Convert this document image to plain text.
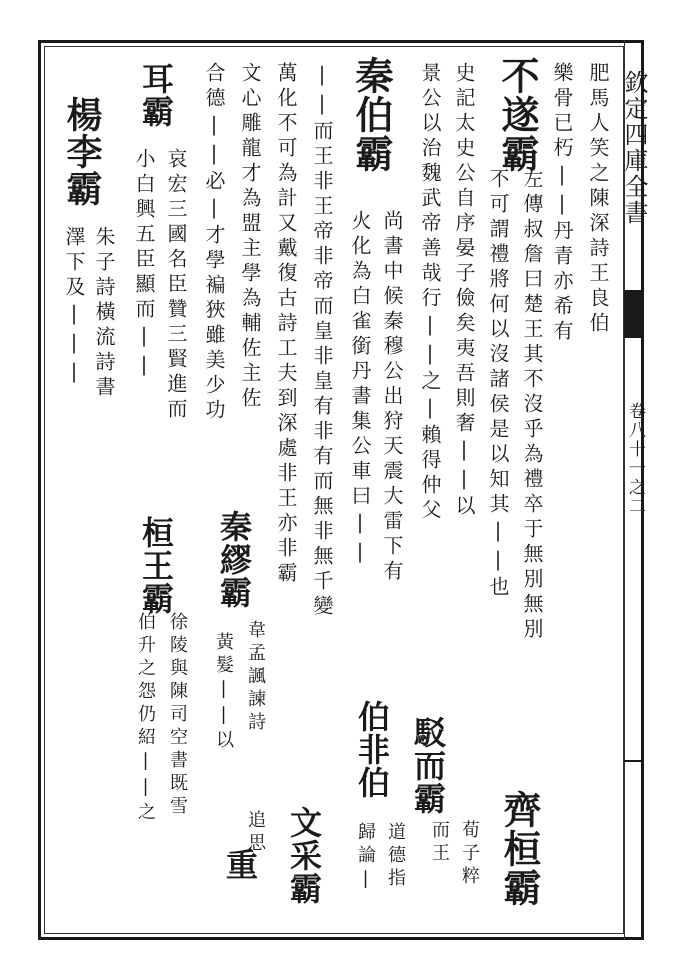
欽定四庫全書
卷八十一之二
肥馬人笑之陳深詩王良伯
樂骨已朽||丹青亦希有
不遂霸
左傳叔詹曰楚王其不沒乎為禮卒于無別無別
不可謂禮將何以沒諸侯是以知其||也
齊桓霸
史記太史公自序晏子儉矣夷吾則奢||以
景公以治魏武帝善哉行||之|賴得仲父
駁而霸
而王 荀子粹
秦伯霸
尚書中候秦穆公出狩天震大雷下有
火化為白雀銜丹書集公車曰||
伯非伯
道德指
歸論|
||而王非王帝非帝而皇非皇有非有而無非無千變
萬化不可為計又戴復古詩工夫到深處非王亦非霸
文采霸
文心雕龍才為盟主學為輔佐主佐
秦繆霸
韋孟諷諫詩
合德||必|才學褊狹雖美少功
黃髮||以
追思
重
耳霸
哀宏三國名臣贊三賢進而
桓王霸
徐陵與陳司空書既雪
小白興五臣顯而||
伯升之怨仍紹||之
楊李霸
朱子詩橫流詩書
澤下及|||
